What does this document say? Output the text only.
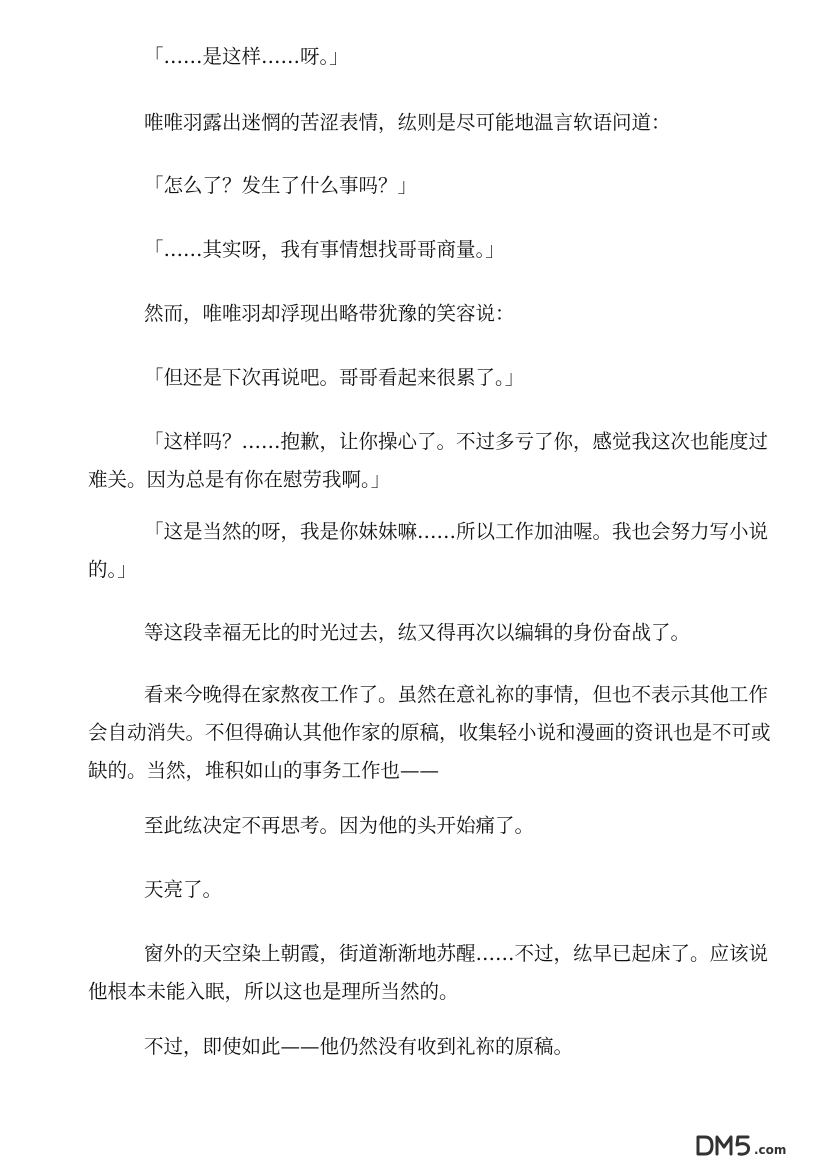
「……是这样……呀。」

唯唯羽露出迷惘的苦涩表情，纮则是尽可能地温言软语问道：

「怎么了？发生了什么事吗？」

「……其实呀，我有事情想找哥哥商量。」

然而，唯唯羽却浮现出略带犹豫的笑容说：

「但还是下次再说吧。哥哥看起来很累了。」

「这样吗？……抱歉，让你操心了。不过多亏了你，感觉我这次也能度过难关。因为总是有你在慰劳我啊。」

「这是当然的呀，我是你妹妹嘛……所以工作加油喔。我也会努力写小说的。」

等这段幸福无比的时光过去，纮又得再次以编辑的身份奋战了。

看来今晚得在家熬夜工作了。虽然在意礼祢的事情，但也不表示其他工作会自动消失。不但得确认其他作家的原稿，收集轻小说和漫画的资讯也是不可或缺的。当然，堆积如山的事务工作也——

至此纮决定不再思考。因为他的头开始痛了。

天亮了。

窗外的天空染上朝霞，街道渐渐地苏醒……不过，纮早已起床了。应该说他根本未能入眠，所以这也是理所当然的。

不过，即使如此——他仍然没有收到礼祢的原稿。

.com
